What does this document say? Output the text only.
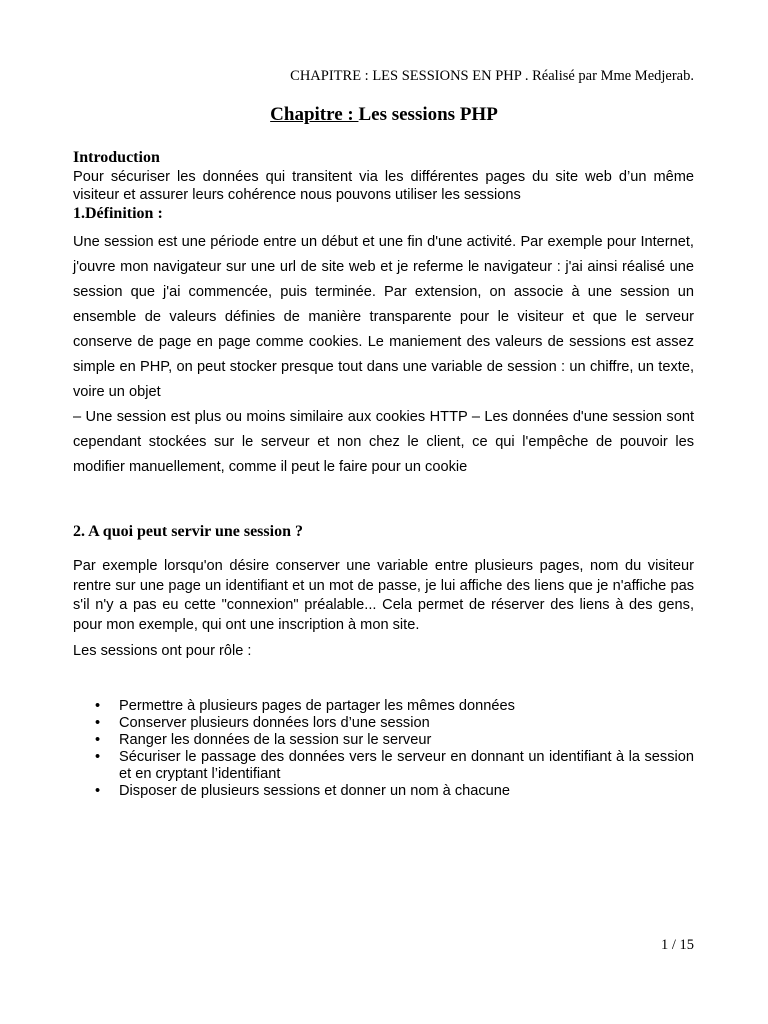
CHAPITRE : LES SESSIONS EN PHP . Réalisé par Mme Medjerab.
Chapitre : Les sessions PHP
Introduction

Pour sécuriser les données qui transitent via les différentes pages du site web d’un même visiteur et assurer leurs cohérence nous pouvons utiliser les sessions

1.Définition :

Une session est une période entre un début et une fin d'une activité. Par exemple pour Internet, j'ouvre mon navigateur sur une url de site web et je referme le navigateur : j'ai ainsi réalisé une session que j'ai commencée, puis terminée. Par extension, on associe à une session un ensemble de valeurs définies de manière transparente pour le visiteur et que le serveur conserve de page en page comme cookies. Le maniement des valeurs de sessions est assez simple en PHP, on peut stocker presque tout dans une variable de session : un chiffre, un texte, voire un objet

– Une session est plus ou moins similaire aux cookies HTTP – Les données d'une session sont cependant stockées sur le serveur et non chez le client, ce qui l'empêche de pouvoir les modifier manuellement, comme il peut le faire pour un cookie

2. A quoi peut servir une session ?

Par exemple lorsqu'on désire conserver une variable entre plusieurs pages, nom du visiteur rentre sur une page un identifiant et un mot de passe, je lui affiche des liens que je n'affiche pas s'il n'y a pas eu cette "connexion" préalable... Cela permet de réserver des liens à des gens, pour mon exemple, qui ont une inscription à mon site.

Les sessions ont pour rôle :
• Permettre à plusieurs pages de partager les mêmes données
• Conserver plusieurs données lors d’une session
• Ranger les données de la session sur le serveur
• Sécuriser le passage des données vers le serveur en donnant un identifiant à la session et en cryptant l’identifiant
• Disposer de plusieurs sessions et donner un nom à chacune
1 / 15
